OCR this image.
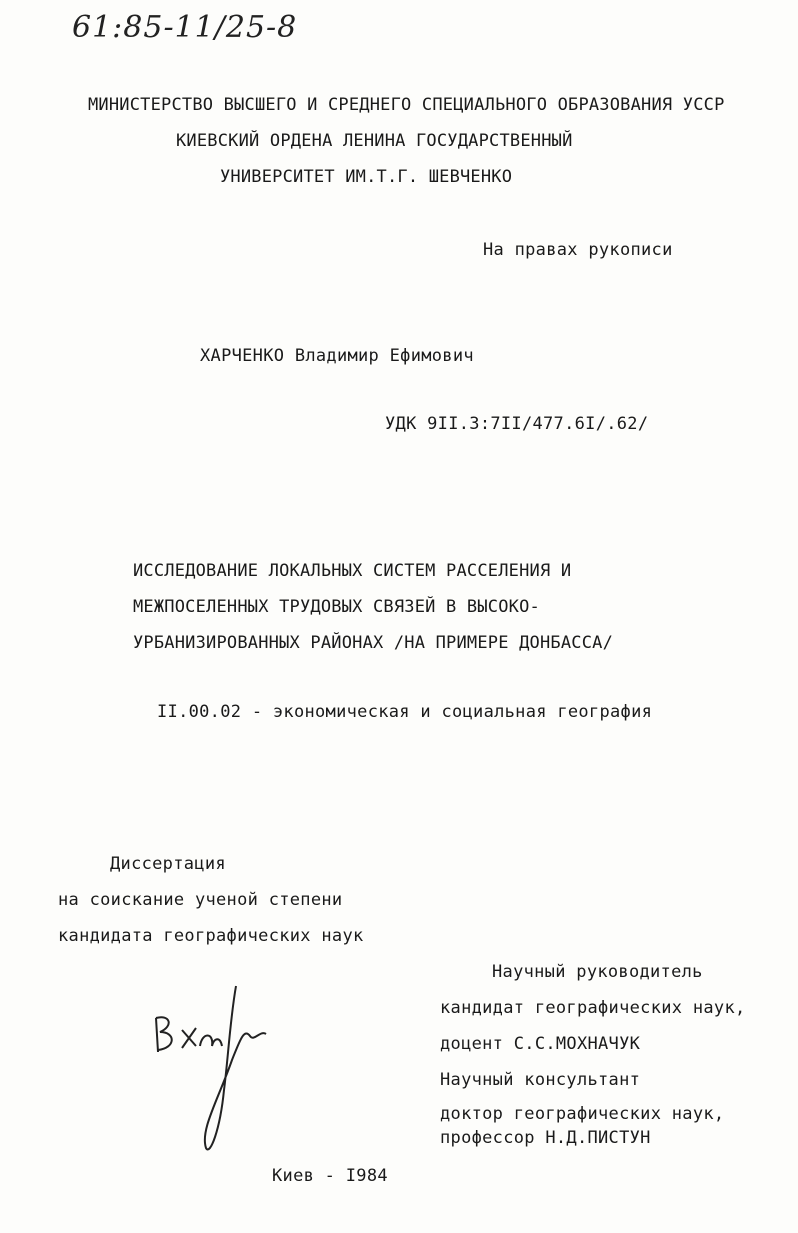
61:85-11/25-8
МИНИСТЕРСТВО ВЫСШЕГО И СРЕДНЕГО СПЕЦИАЛЬНОГО ОБРАЗОВАНИЯ УССР
КИЕВСКИЙ ОРДЕНА ЛЕНИНА ГОСУДАРСТВЕННЫЙ
УНИВЕРСИТЕТ ИМ.Т.Г. ШЕВЧЕНКО
На правах рукописи
ХАРЧЕНКО Владимир Ефимович
УДК 9II.3:7II/477.6I/.62/
ИССЛЕДОВАНИЕ ЛОКАЛЬНЫХ СИСТЕМ РАССЕЛЕНИЯ И
МЕЖПОСЕЛЕННЫХ ТРУДОВЫХ СВЯЗЕЙ В ВЫСОКО-
УРБАНИЗИРОВАННЫХ РАЙОНАХ /НА ПРИМЕРЕ ДОНБАССА/
II.00.02 - экономическая и социальная география
Диссертация
на соискание ученой степени
кандидата географических наук
Научный руководитель
кандидат географических наук,
доцент С.С.МОХНАЧУК
Научный консультант
доктор географических наук,
профессор Н.Д.ПИСТУН
Киев - I984
